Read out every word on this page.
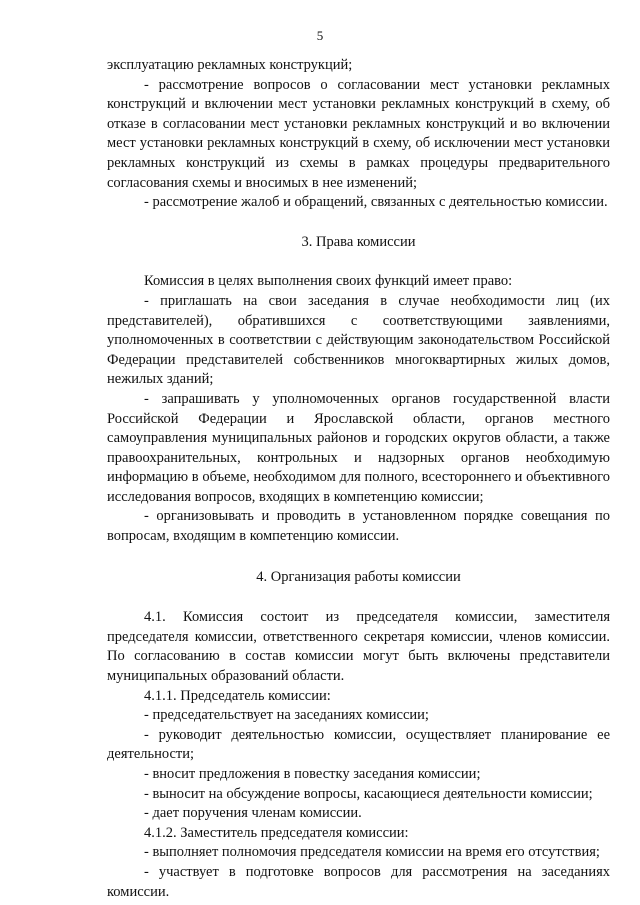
5

эксплуатацию рекламных конструкций;

- рассмотрение вопросов о согласовании мест установки рекламных конструкций и включении мест установки рекламных конструкций в схему, об отказе в согласовании мест установки рекламных конструкций и во включении мест установки рекламных конструкций в схему, об исключении мест установки рекламных конструкций из схемы в рамках процедуры предварительного согласования схемы и вносимых в нее изменений;

- рассмотрение жалоб и обращений, связанных с деятельностью комиссии.

3. Права комиссии

Комиссия в целях выполнения своих функций имеет право:

- приглашать на свои заседания в случае необходимости лиц (их представителей), обратившихся с соответствующими заявлениями, уполномоченных в соответствии с действующим законодательством Российской Федерации представителей собственников многоквартирных жилых домов, нежилых зданий;

- запрашивать у уполномоченных органов государственной власти Российской Федерации и Ярославской области, органов местного самоуправления муниципальных районов и городских округов области, а также правоохранительных, контрольных и надзорных органов необходимую информацию в объеме, необходимом для полного, всестороннего и объективного исследования вопросов, входящих в компетенцию комиссии;

- организовывать и проводить в установленном порядке совещания по вопросам, входящим в компетенцию комиссии.

4. Организация работы комиссии

4.1. Комиссия состоит из председателя комиссии, заместителя председателя комиссии, ответственного секретаря комиссии, членов комиссии. По согласованию в состав комиссии могут быть включены представители муниципальных образований области.

4.1.1. Председатель комиссии:

- председательствует на заседаниях комиссии;

- руководит деятельностью комиссии, осуществляет планирование ее деятельности;

- вносит предложения в повестку заседания комиссии;

- выносит на обсуждение вопросы, касающиеся деятельности комиссии;

- дает поручения членам комиссии.

4.1.2. Заместитель председателя комиссии:

- выполняет полномочия председателя комиссии на время его отсутствия;

- участвует в подготовке вопросов для рассмотрения на заседаниях комиссии.
